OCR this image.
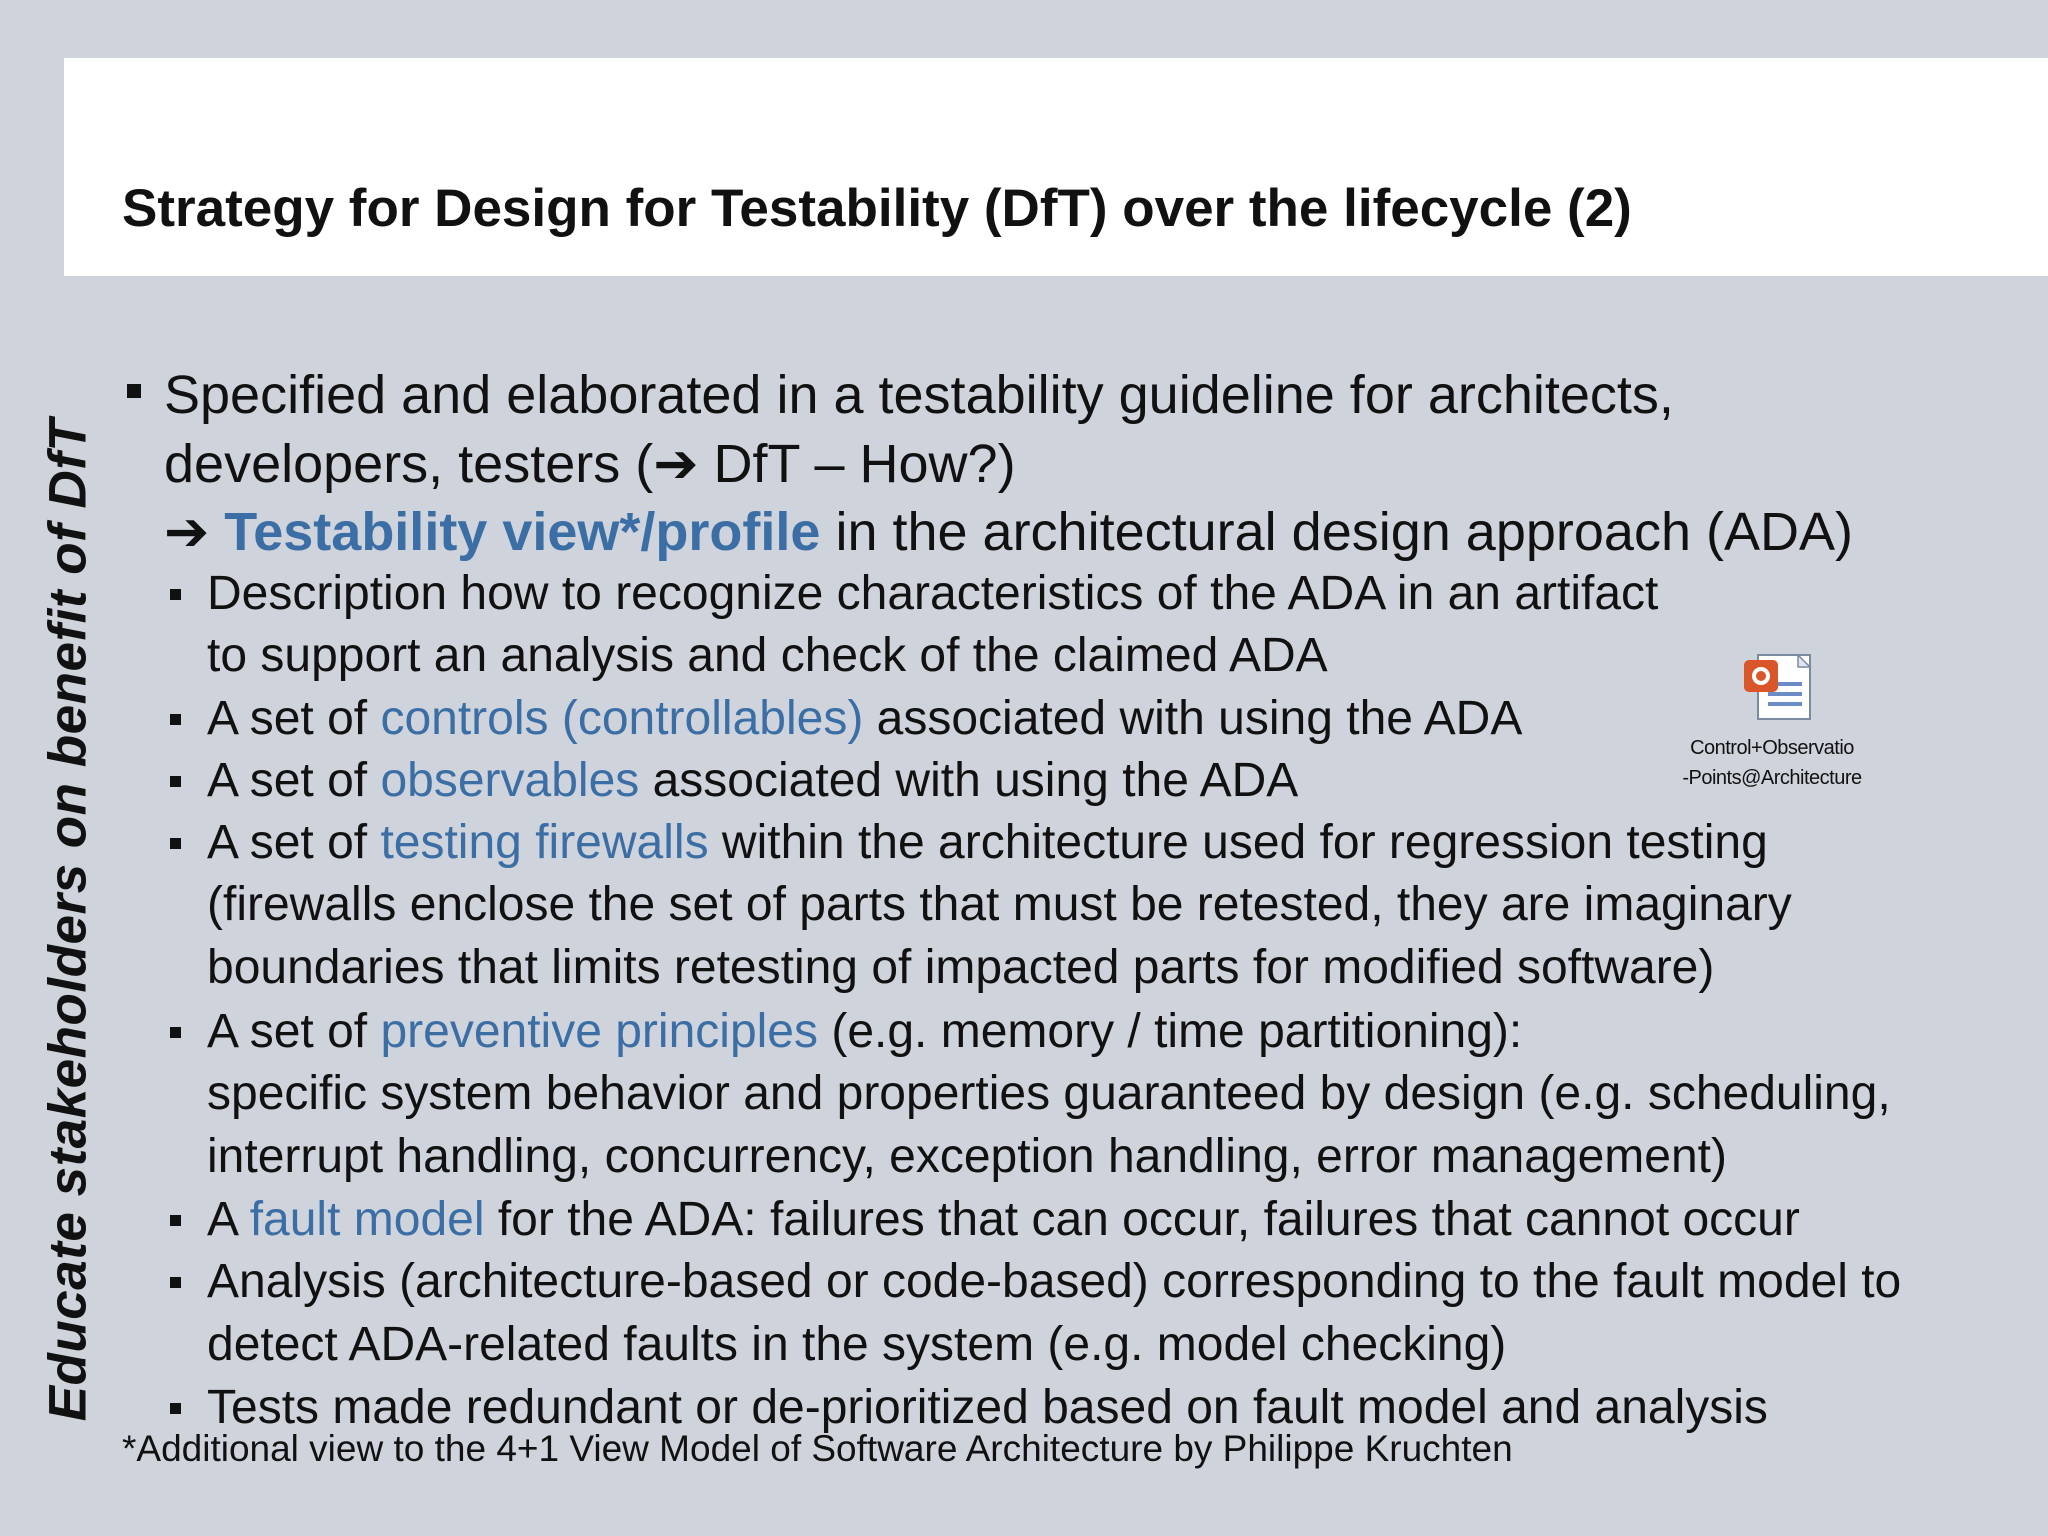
Strategy for Design for Testability (DfT) over the lifecycle (2)
Educate stakeholders on benefit of DfT
Specified and elaborated in a testability guideline for architects,
developers, testers (➔ DfT – How?)
➔ Testability view*/profile in the architectural design approach (ADA)
Description how to recognize characteristics of the ADA in an artifact
to support an analysis and check of the claimed ADA
A set of controls (controllables) associated with using the ADA
A set of observables associated with using the ADA
A set of testing firewalls within the architecture used for regression testing
(firewalls enclose the set of parts that must be retested, they are imaginary
boundaries that limits retesting of impacted parts for modified software)
A set of preventive principles (e.g. memory / time partitioning):
specific system behavior and properties guaranteed by design (e.g. scheduling,
interrupt handling, concurrency, exception handling, error management)
A fault model for the ADA: failures that can occur, failures that cannot occur
Analysis (architecture-based or code-based) corresponding to the fault model to
detect ADA-related faults in the system (e.g. model checking)
Tests made redundant or de-prioritized based on fault model and analysis
*Additional view to the 4+1 View Model of Software Architecture by Philippe Kruchten
Control+Observatio
-Points@Architecture
